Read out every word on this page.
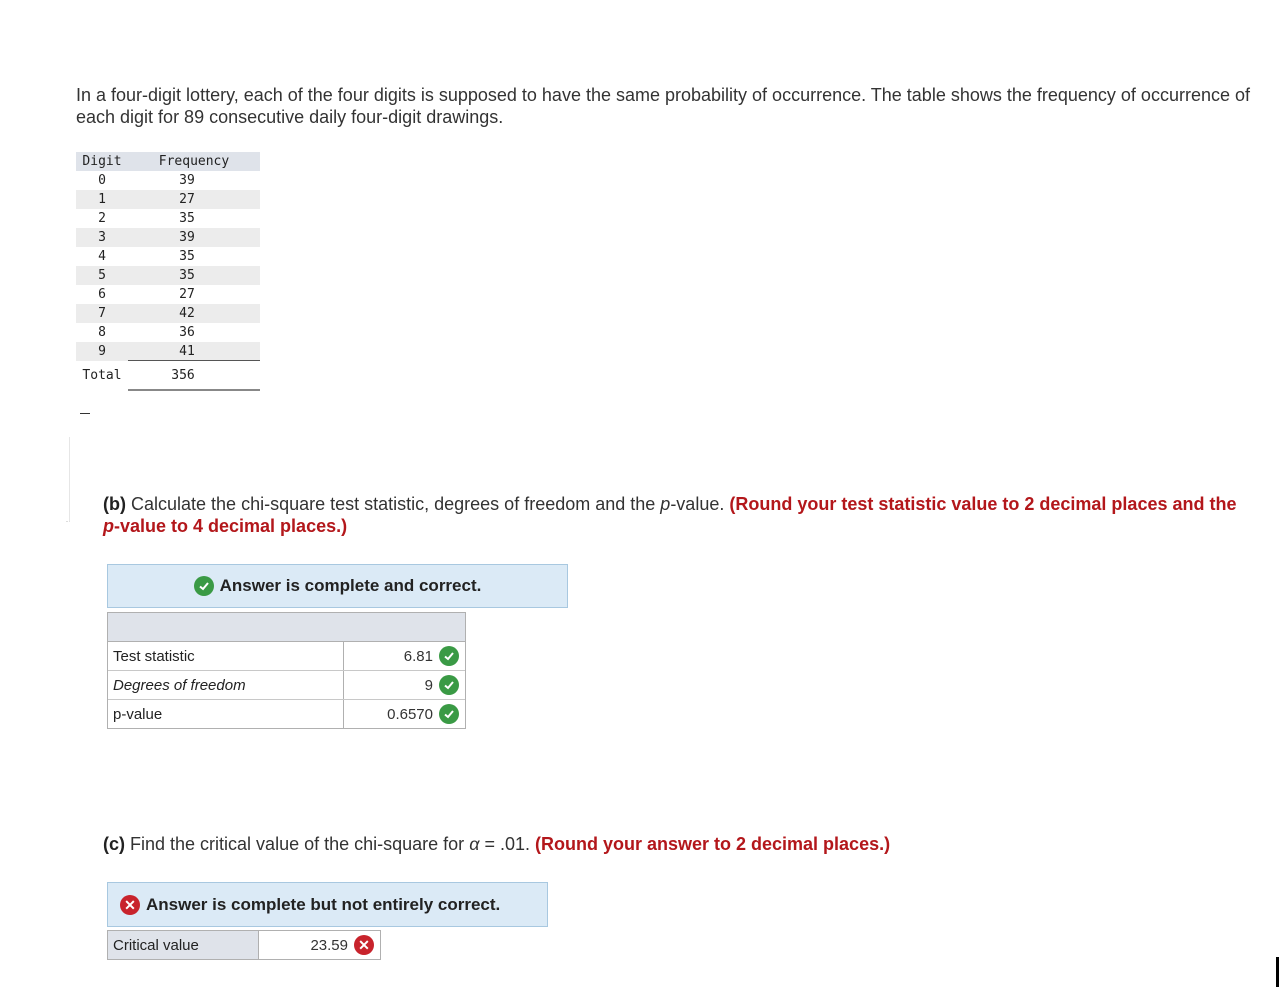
In a four-digit lottery, each of the four digits is supposed to have the same probability of occurrence. The table shows the frequency of occurrence of each digit for 89 consecutive daily four-digit drawings.
Digit	Frequency
0	39
1	27
2	35
3	39
4	35
5	35
6	27
7	42
8	36
9	41
Total	356
(b) Calculate the chi-square test statistic, degrees of freedom and the p-value. (Round your test statistic value to 2 decimal places and the p-value to 4 decimal places.)
Answer is complete and correct.
Test statistic	6.81
Degrees of freedom	9
p-value	0.6570
(c) Find the critical value of the chi-square for α = .01. (Round your answer to 2 decimal places.)
✕ Answer is complete but not entirely correct.
Critical value	23.59 ✕
